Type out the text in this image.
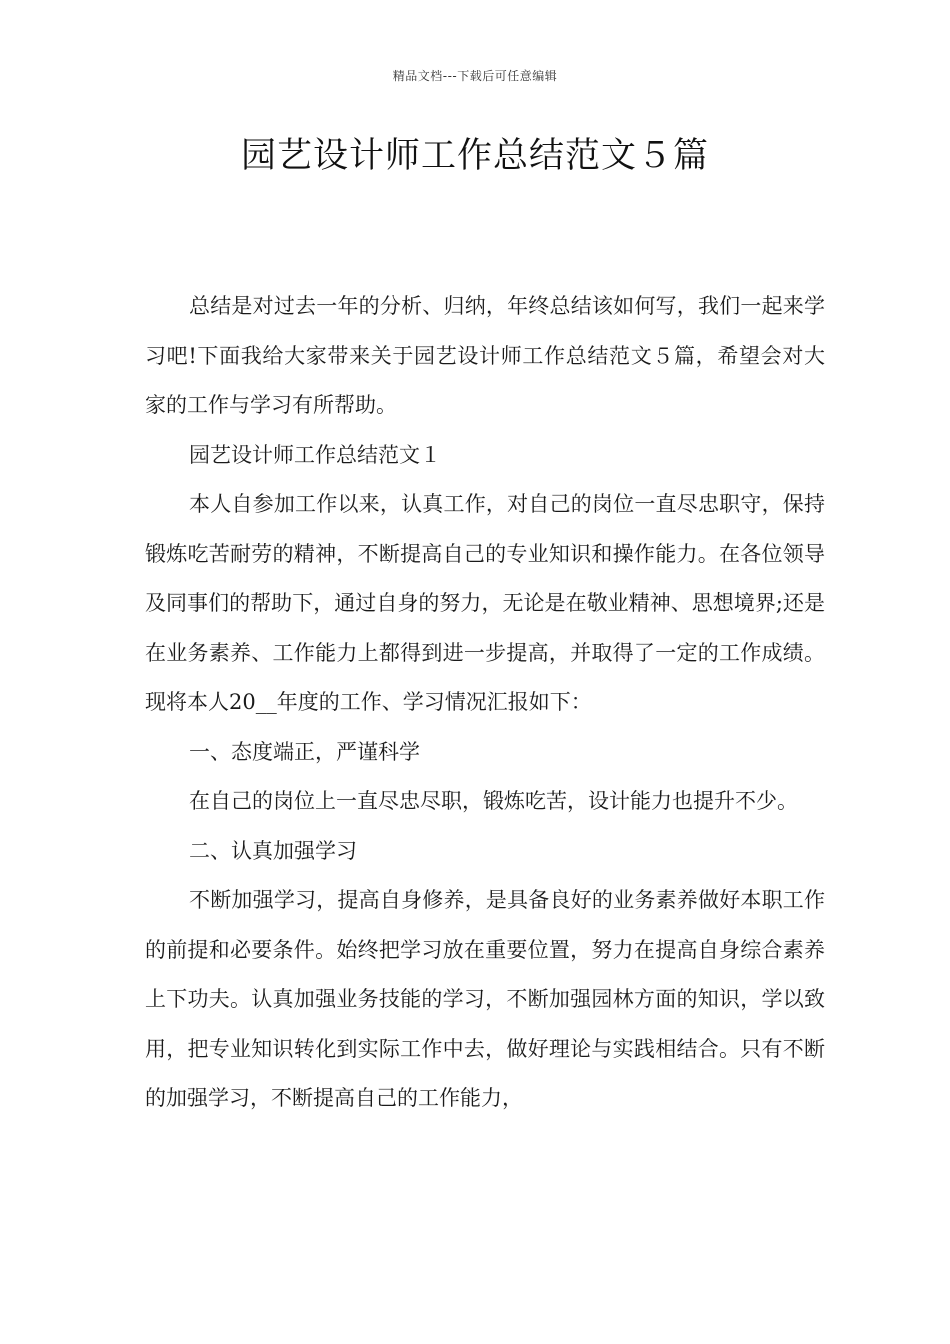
精品文档---下载后可任意编辑
园艺设计师工作总结范文５篇

总结是对过去一年的分析、归纳，年终总结该如何写，我们一起来学习吧!下面我给大家带来关于园艺设计师工作总结范文５篇，希望会对大家的工作与学习有所帮助。

园艺设计师工作总结范文１

本人自参加工作以来，认真工作，对自己的岗位一直尽忠职守，保持锻炼吃苦耐劳的精神，不断提高自己的专业知识和操作能力。在各位领导及同事们的帮助下，通过自身的努力，无论是在敬业精神、思想境界;还是在业务素养、工作能力上都得到进一步提高，并取得了一定的工作成绩。现将本人20__年度的工作、学习情况汇报如下：

一、态度端正，严谨科学

在自己的岗位上一直尽忠尽职，锻炼吃苦，设计能力也提升不少。

二、认真加强学习

不断加强学习，提高自身修养，是具备良好的业务素养做好本职工作的前提和必要条件。始终把学习放在重要位置，努力在提高自身综合素养上下功夫。认真加强业务技能的学习，不断加强园林方面的知识，学以致用，把专业知识转化到实际工作中去，做好理论与实践相结合。只有不断的加强学习，不断提高自己的工作能力，
